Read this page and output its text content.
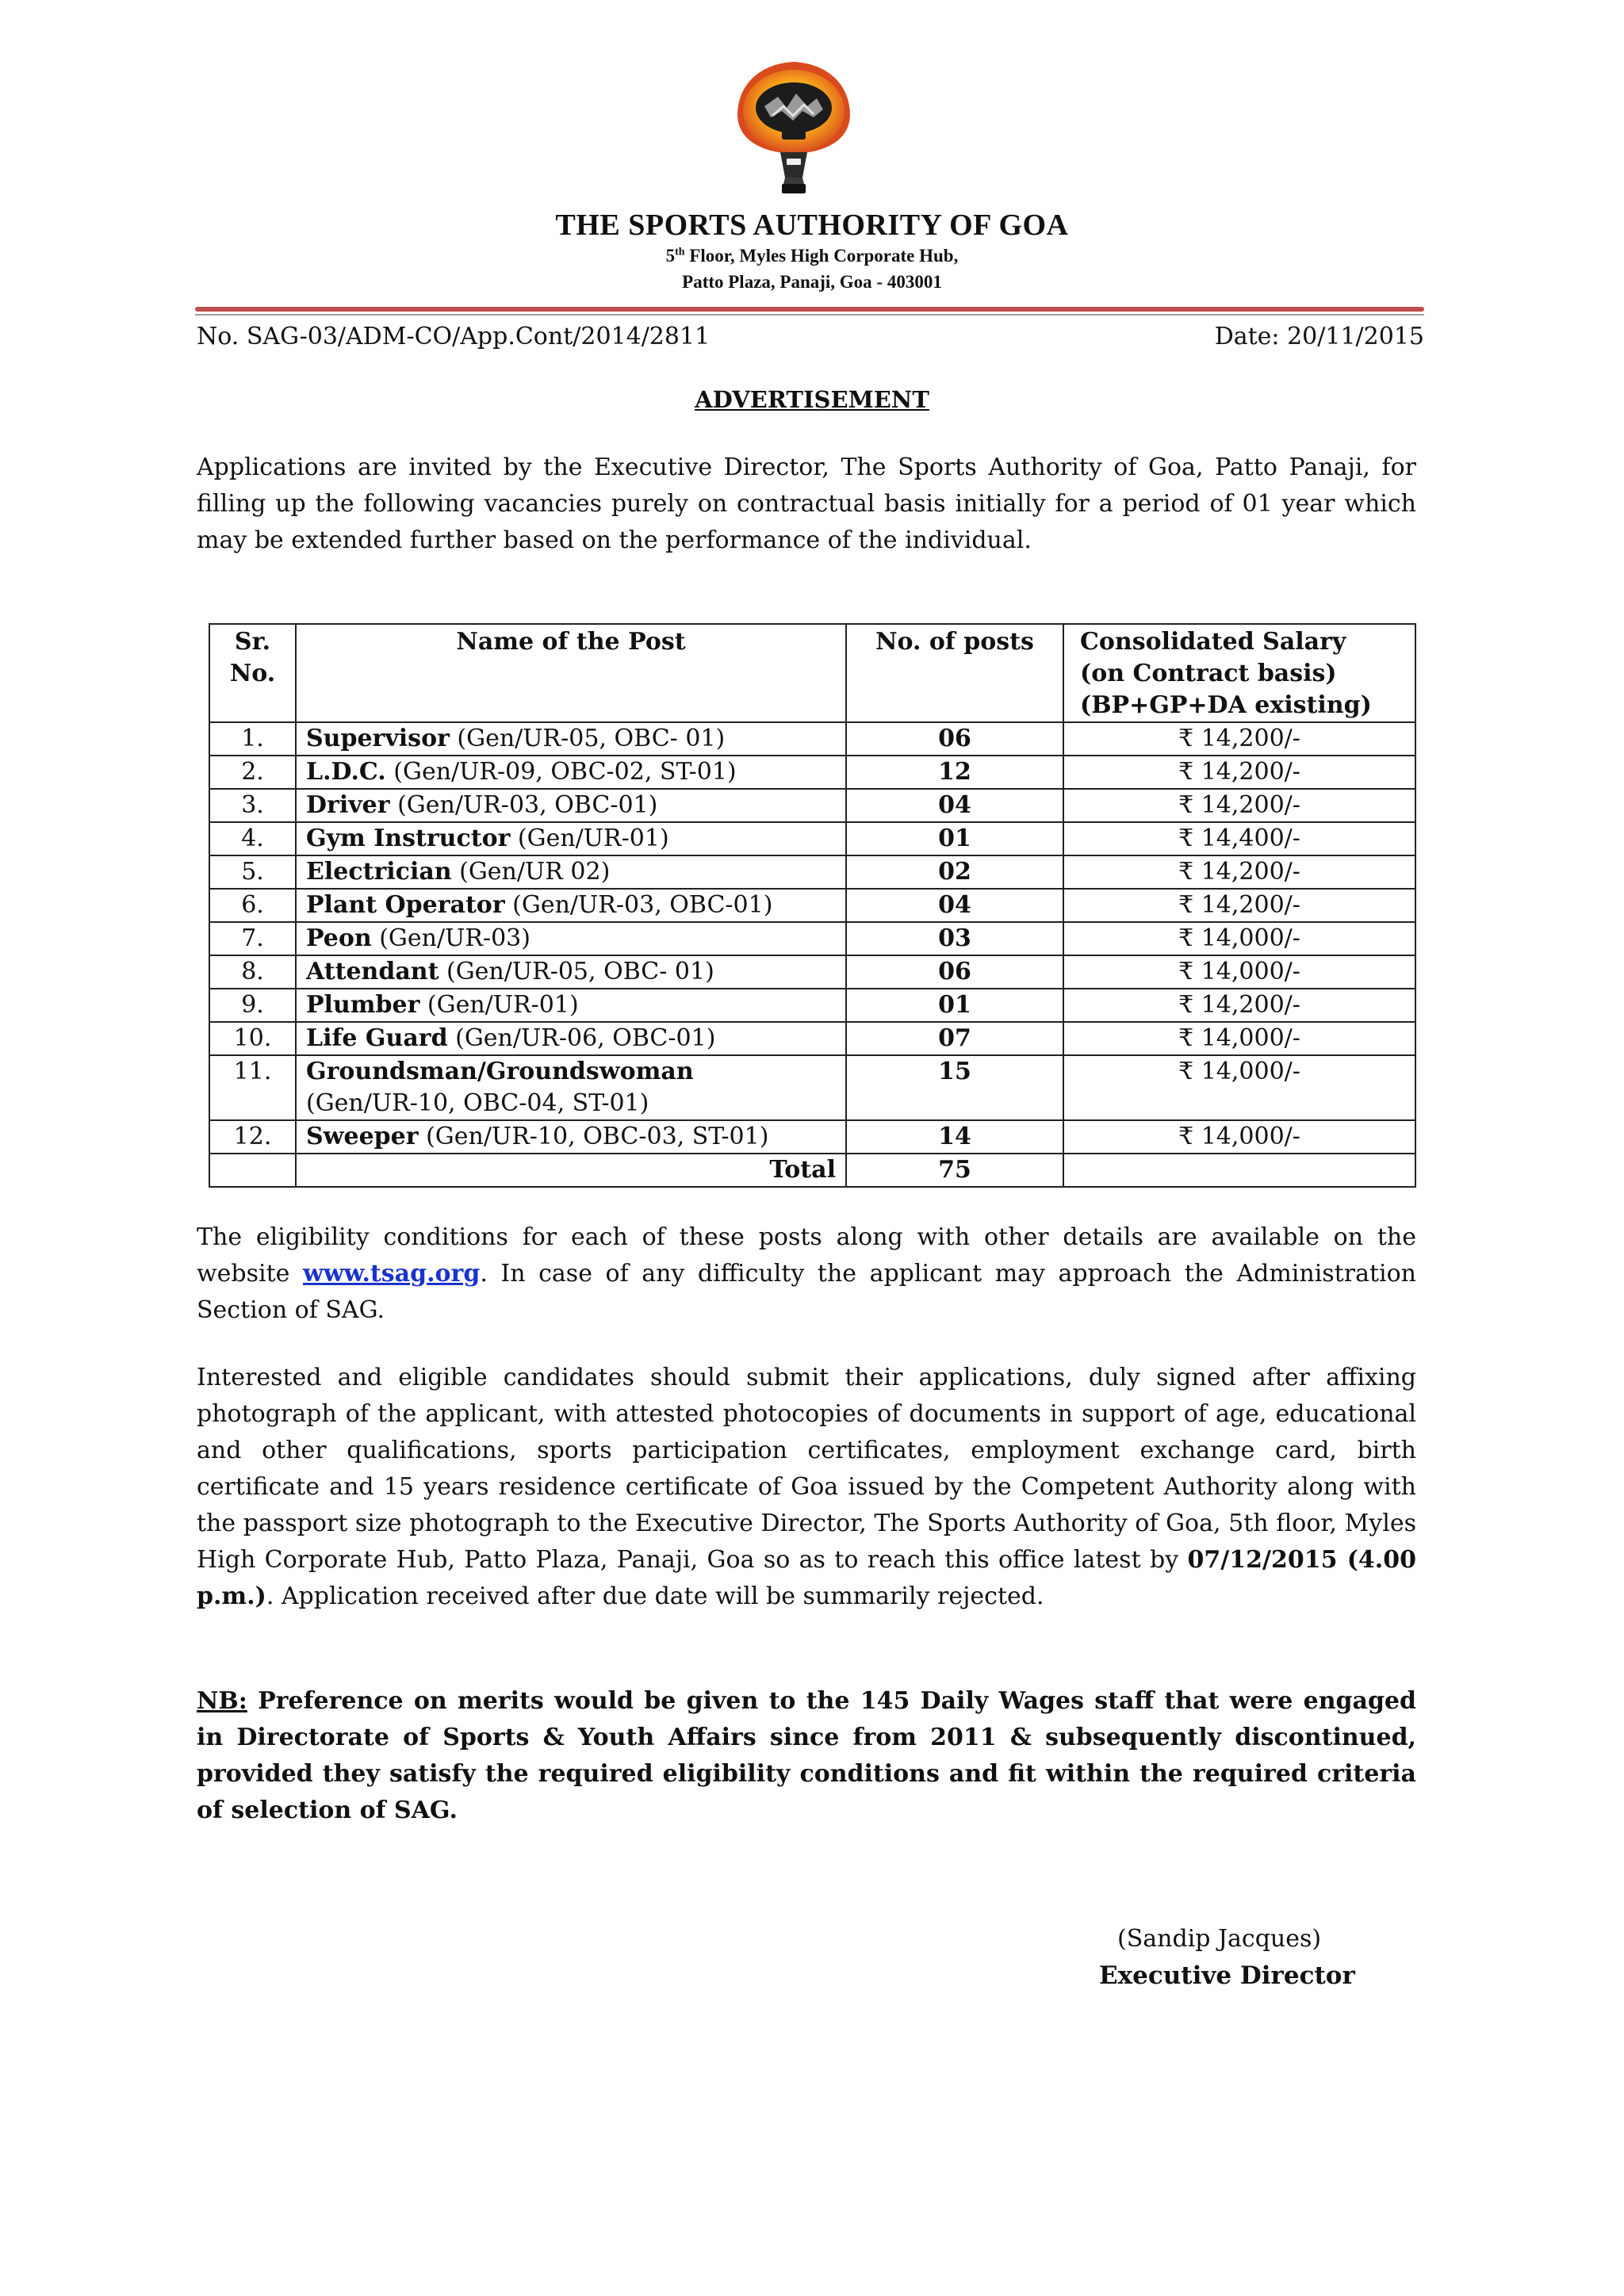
THE SPORTS AUTHORITY OF GOA
5th Floor, Myles High Corporate Hub,
Patto Plaza, Panaji, Goa - 403001
No. SAG-03/ADM-CO/App.Cont/2014/2811	Date: 20/11/2015
ADVERTISEMENT
Applications are invited by the Executive Director, The Sports Authority of Goa, Patto Panaji, for filling up the following vacancies purely on contractual basis initially for a period of 01 year which may be extended further based on the performance of the individual.
Sr. No.	Name of the Post	No. of posts	Consolidated Salary
(on Contract basis)
(BP+GP+DA existing)

1.	Supervisor (Gen/UR-05, OBC- 01)	06	₹ 14,200/-
2.	L.D.C. (Gen/UR-09, OBC-02, ST-01)	12	₹ 14,200/-
3.	Driver (Gen/UR-03, OBC-01)	04	₹ 14,200/-
4.	Gym Instructor (Gen/UR-01)	01	₹ 14,400/-
5.	Electrician (Gen/UR 02)	02	₹ 14,200/-
6.	Plant Operator (Gen/UR-03, OBC-01)	04	₹ 14,200/-
7.	Peon (Gen/UR-03)	03	₹ 14,000/-
8.	Attendant (Gen/UR-05, OBC- 01)	06	₹ 14,000/-
9.	Plumber (Gen/UR-01)	01	₹ 14,200/-
10.	Life Guard (Gen/UR-06, OBC-01)	07	₹ 14,000/-
11.	Groundsman/Groundswoman
(Gen/UR-10, OBC-04, ST-01)	15	₹ 14,000/-
12.	Sweeper (Gen/UR-10, OBC-03, ST-01)	14	₹ 14,000/-
	Total	75	
The eligibility conditions for each of these posts along with other details are available on the website www.tsag.org. In case of any difficulty the applicant may approach the Administration Section of SAG.
Interested and eligible candidates should submit their applications, duly signed after affixing photograph of the applicant, with attested photocopies of documents in support of age, educational and other qualifications, sports participation certificates, employment exchange card, birth certificate and 15 years residence certificate of Goa issued by the Competent Authority along with the passport size photograph to the Executive Director, The Sports Authority of Goa, 5th floor, Myles High Corporate Hub, Patto Plaza, Panaji, Goa so as to reach this office latest by 07/12/2015 (4.00 p.m.). Application received after due date will be summarily rejected.
NB: Preference on merits would be given to the 145 Daily Wages staff that were engaged in Directorate of Sports & Youth Affairs since from 2011 & subsequently discontinued, provided they satisfy the required eligibility conditions and fit within the required criteria of selection of SAG.
(Sandip Jacques)
Executive Director
